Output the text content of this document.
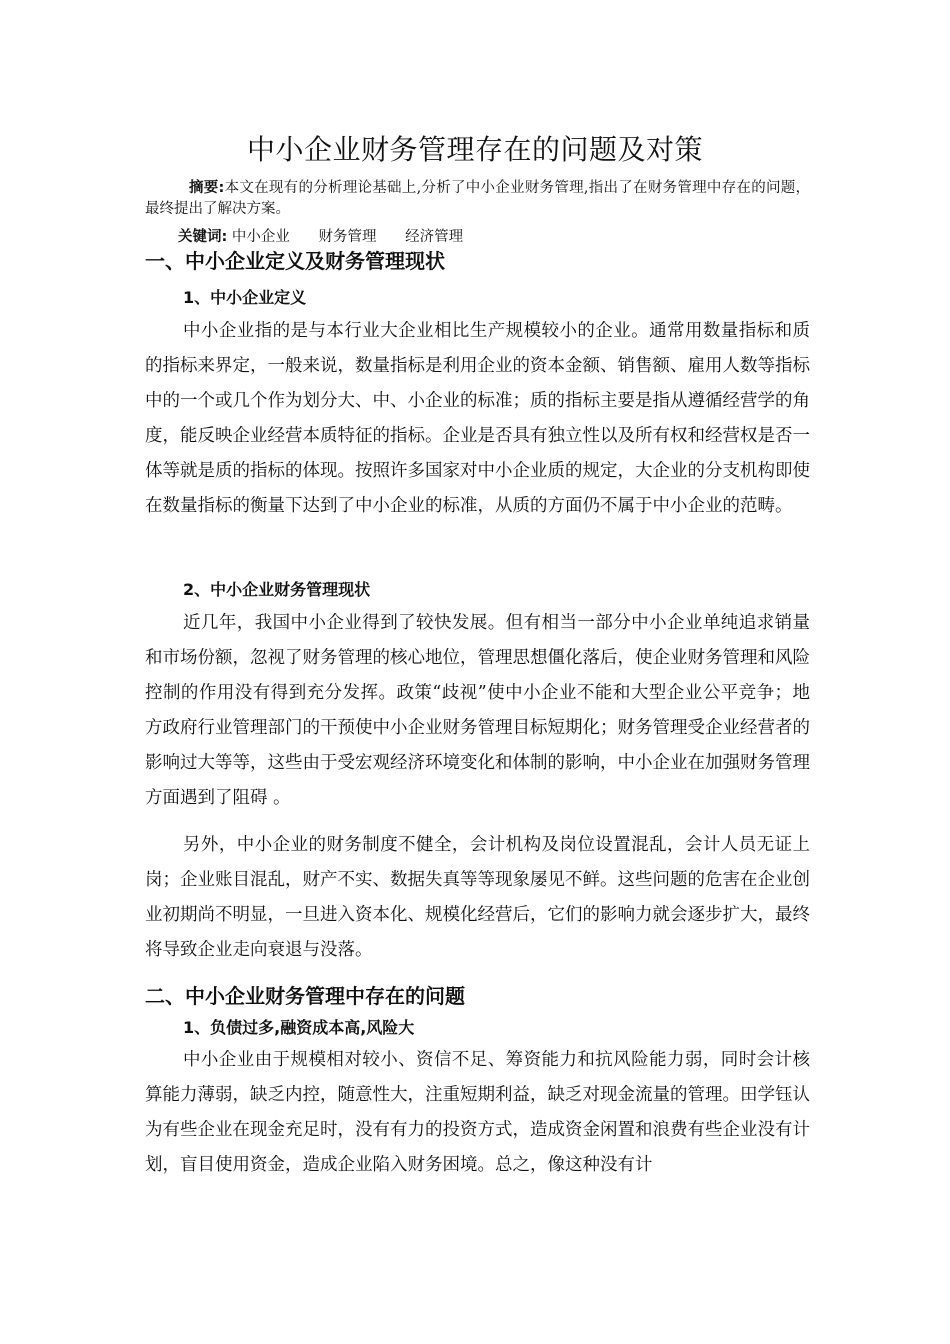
中小企业财务管理存在的问题及对策

摘要:本文在现有的分析理论基础上,分析了中小企业财务管理,指出了在财务管理中存在的问题，最终提出了解决方案。

关键词: 中小企业 财务管理 经济管理
一、中小企业定义及财务管理现状
1、中小企业定义

中小企业指的是与本行业大企业相比生产规模较小的企业。通常用数量指标和质的指标来界定，一般来说，数量指标是利用企业的资本金额、销售额、雇用人数等指标中的一个或几个作为划分大、中、小企业的标准；质的指标主要是指从遵循经营学的角度，能反映企业经营本质特征的指标。企业是否具有独立性以及所有权和经营权是否一体等就是质的指标的体现。按照许多国家对中小企业质的规定，大企业的分支机构即使在数量指标的衡量下达到了中小企业的标准，从质的方面仍不属于中小企业的范畴。

2、中小企业财务管理现状

近几年，我国中小企业得到了较快发展。但有相当一部分中小企业单纯追求销量和市场份额，忽视了财务管理的核心地位，管理思想僵化落后，使企业财务管理和风险控制的作用没有得到充分发挥。政策“歧视”使中小企业不能和大型企业公平竞争；地方政府行业管理部门的干预使中小企业财务管理目标短期化；财务管理受企业经营者的影响过大等等，这些由于受宏观经济环境变化和体制的影响，中小企业在加强财务管理方面遇到了阻碍 。

另外，中小企业的财务制度不健全，会计机构及岗位设置混乱，会计人员无证上岗；企业账目混乱，财产不实、数据失真等等现象屡见不鲜。这些问题的危害在企业创业初期尚不明显，一旦进入资本化、规模化经营后，它们的影响力就会逐步扩大，最终将导致企业走向衰退与没落。

二、中小企业财务管理中存在的问题
1、负债过多,融资成本高,风险大

中小企业由于规模相对较小、资信不足、筹资能力和抗风险能力弱，同时会计核算能力薄弱，缺乏内控，随意性大，注重短期利益，缺乏对现金流量的管理。田学钰认为有些企业在现金充足时，没有有力的投资方式，造成资金闲置和浪费有些企业没有计划，盲目使用资金，造成企业陷入财务困境。总之，像这种没有计
